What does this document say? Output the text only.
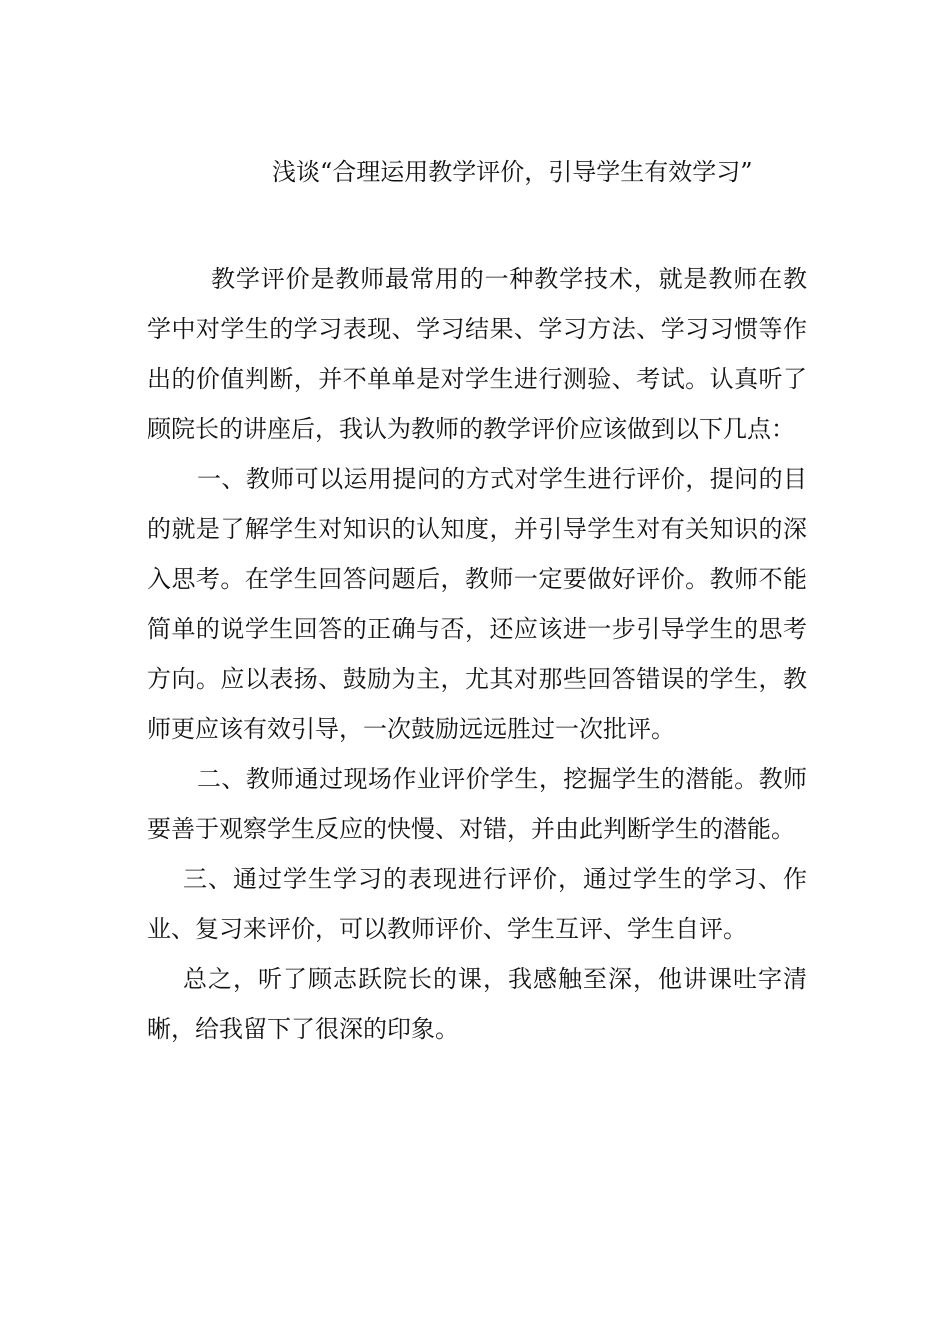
浅谈“合理运用教学评价，引导学生有效学习”

教学评价是教师最常用的一种教学技术，就是教师在教学中对学生的学习表现、学习结果、学习方法、学习习惯等作出的价值判断，并不单单是对学生进行测验、考试。认真听了顾院长的讲座后，我认为教师的教学评价应该做到以下几点：

一、教师可以运用提问的方式对学生进行评价，提问的目的就是了解学生对知识的认知度，并引导学生对有关知识的深入思考。在学生回答问题后，教师一定要做好评价。教师不能简单的说学生回答的正确与否，还应该进一步引导学生的思考方向。应以表扬、鼓励为主，尤其对那些回答错误的学生，教师更应该有效引导，一次鼓励远远胜过一次批评。

二、教师通过现场作业评价学生，挖掘学生的潜能。教师要善于观察学生反应的快慢、对错，并由此判断学生的潜能。

三、通过学生学习的表现进行评价，通过学生的学习、作业、复习来评价，可以教师评价、学生互评、学生自评。

总之，听了顾志跃院长的课，我感触至深，他讲课吐字清晰，给我留下了很深的印象。
